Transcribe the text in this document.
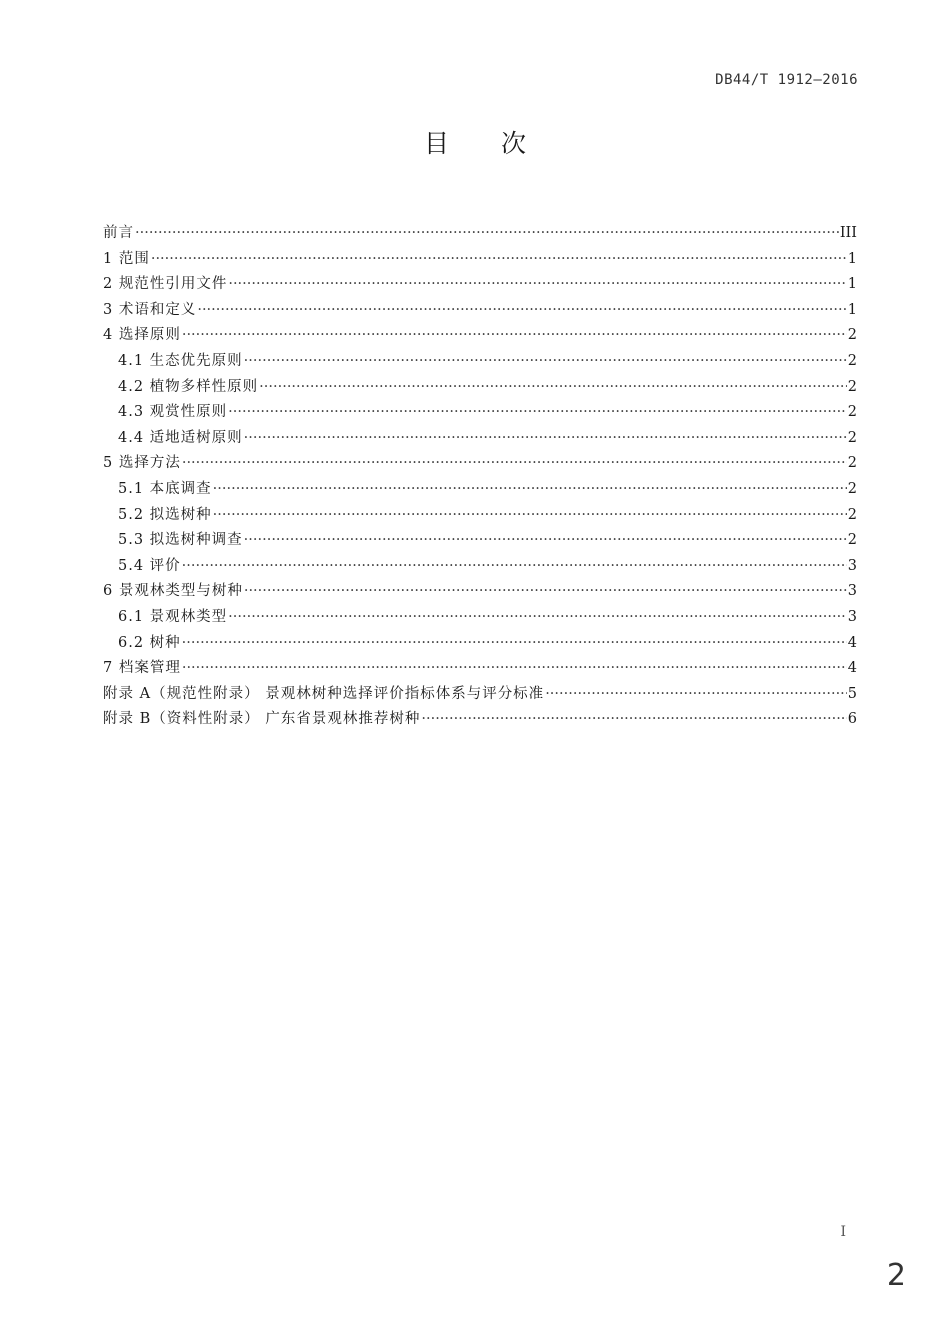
DB44/T 1912—2016
目次
前言 ·····	III
1 范围 ·····	1
2 规范性引用文件 ·····	1
3 术语和定义 ·····	1
4 选择原则 ·····	2
4.1 生态优先原则 ·····	2
4.2 植物多样性原则 ·····	2
4.3 观赏性原则 ·····	2
4.4 适地适树原则 ·····	2
5 选择方法 ·····	2
5.1 本底调查 ·····	2
5.2 拟选树种 ·····	2
5.3 拟选树种调查 ·····	2
5.4 评价 ·····	3
6 景观林类型与树种 ·····	3
6.1 景观林类型 ·····	3
6.2 树种 ·····	4
7 档案管理 ·····	4
附录 A（规范性附录） 景观林树种选择评价指标体系与评分标准 ·····	5
附录 B（资料性附录） 广东省景观林推荐树种 ·····	6
I
2
